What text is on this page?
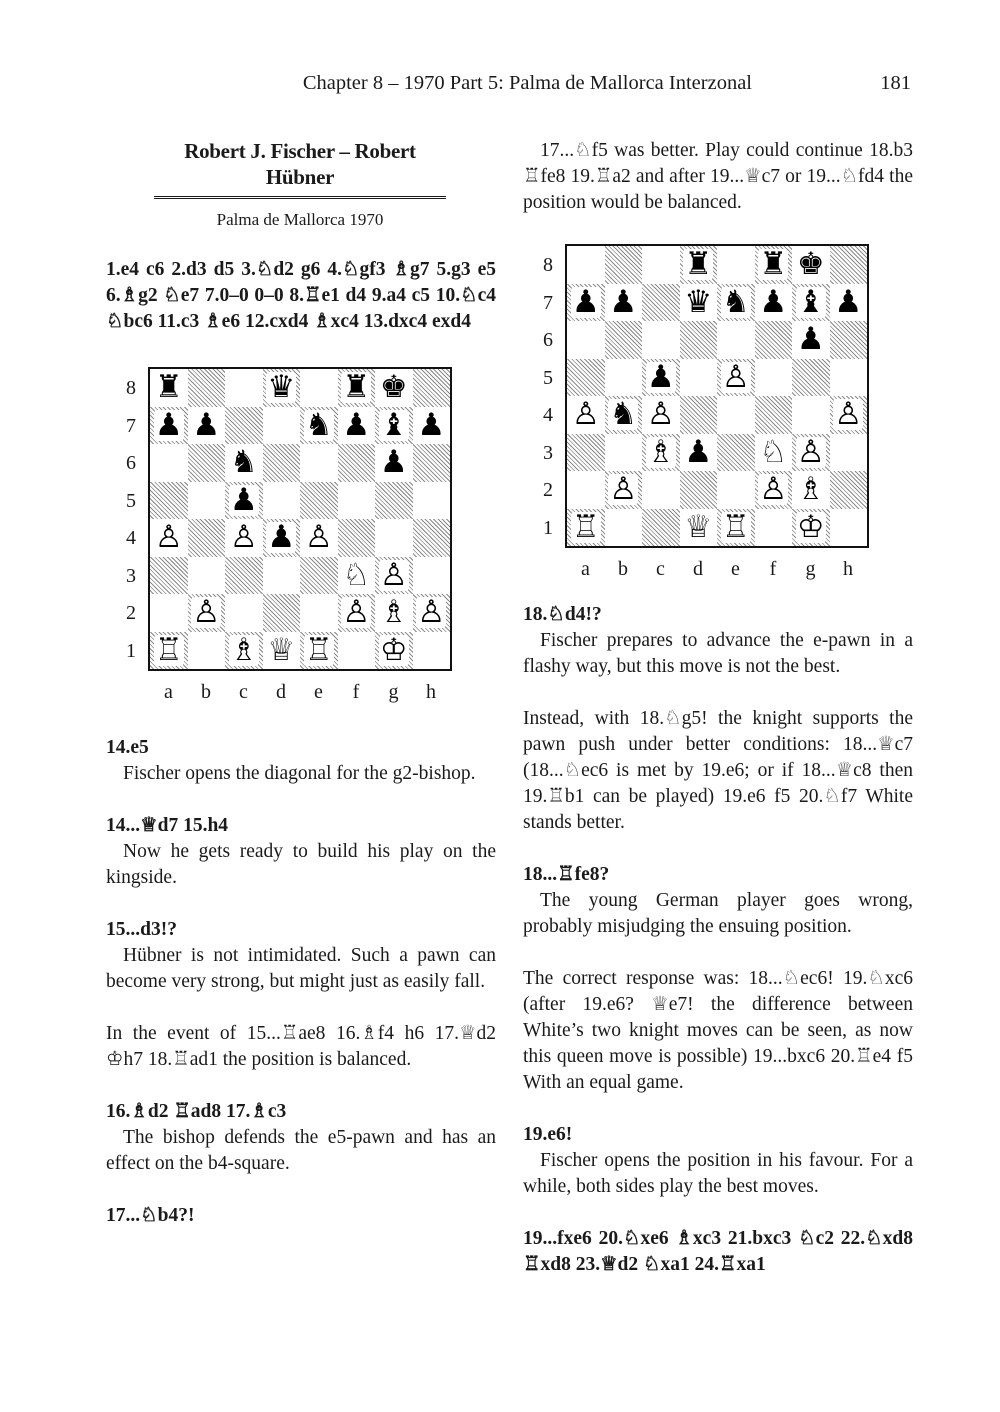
Chapter 8 – 1970 Part 5: Palma de Mallorca Interzonal	181
Robert J. Fischer – Robert Hübner
Palma de Mallorca 1970

1.e4 c6 2.d3 d5 3.♘d2 g6 4.♘gf3 ♗g7 5.g3 e5 6.♗g2 ♘e7 7.0–0 0–0 8.♖e1 d4 9.a4 c5 10.♘c4 ♘bc6 11.c3 ♗e6 12.cxd4 ♗xc4 13.dxc4 exd4

♜	♛ ♜ ♚
♟ ♟	♞ ♟ ♝ ♟
♞	♟
♟
♙ ♙ ♟ ♙
♘ ♙
♙	♙ ♗ ♙
♖ ♗ ♕ ♖ ♔
8
7
6
5
4
3
2
1
a	b	c	d	e	f	g	h

14.e5

Fischer opens the diagonal for the g2-bishop.

14...♕d7 15.h4

Now he gets ready to build his play on the kingside.

15...d3!?

Hübner is not intimidated. Such a pawn can become very strong, but might just as easily fall.

In the event of 15...♖ae8 16.♗f4 h6 17.♕d2 ♔h7 18.♖ad1 the position is balanced.

16.♗d2 ♖ad8 17.♗c3

The bishop defends the e5-pawn and has an effect on the b4-square.

17...♘b4?!

17...♘f5 was better. Play could continue 18.b3 ♖fe8 19.♖a2 and after 19...♕c7 or 19...♘fd4 the position would be balanced.

♜ ♜ ♚
♟ ♟ ♛ ♞ ♟ ♝ ♟
♟
♟ ♙
♙ ♞ ♙	♙
♗ ♟ ♘ ♙
♙	♙ ♗
♖	♕ ♖ ♔
8
7
6
5
4
3
2
1
a	b	c	d	e	f	g	h

18.♘d4!?

Fischer prepares to advance the e-pawn in a flashy way, but this move is not the best.

Instead, with 18.♘g5! the knight supports the pawn push under better conditions: 18...♕c7 (18...♘ec6 is met by 19.e6; or if 18...♕c8 then 19.♖b1 can be played) 19.e6 f5 20.♘f7 White stands better.

18...♖fe8?

The young German player goes wrong, probably misjudging the ensuing position.

The correct response was: 18...♘ec6! 19.♘xc6 (after 19.e6? ♕e7! the difference between White’s two knight moves can be seen, as now this queen move is possible) 19...bxc6 20.♖e4 f5 With an equal game.

19.e6!

Fischer opens the position in his favour. For a while, both sides play the best moves.

19...fxe6 20.♘xe6 ♗xc3 21.bxc3 ♘c2 22.♘xd8 ♖xd8 23.♕d2 ♘xa1 24.♖xa1
